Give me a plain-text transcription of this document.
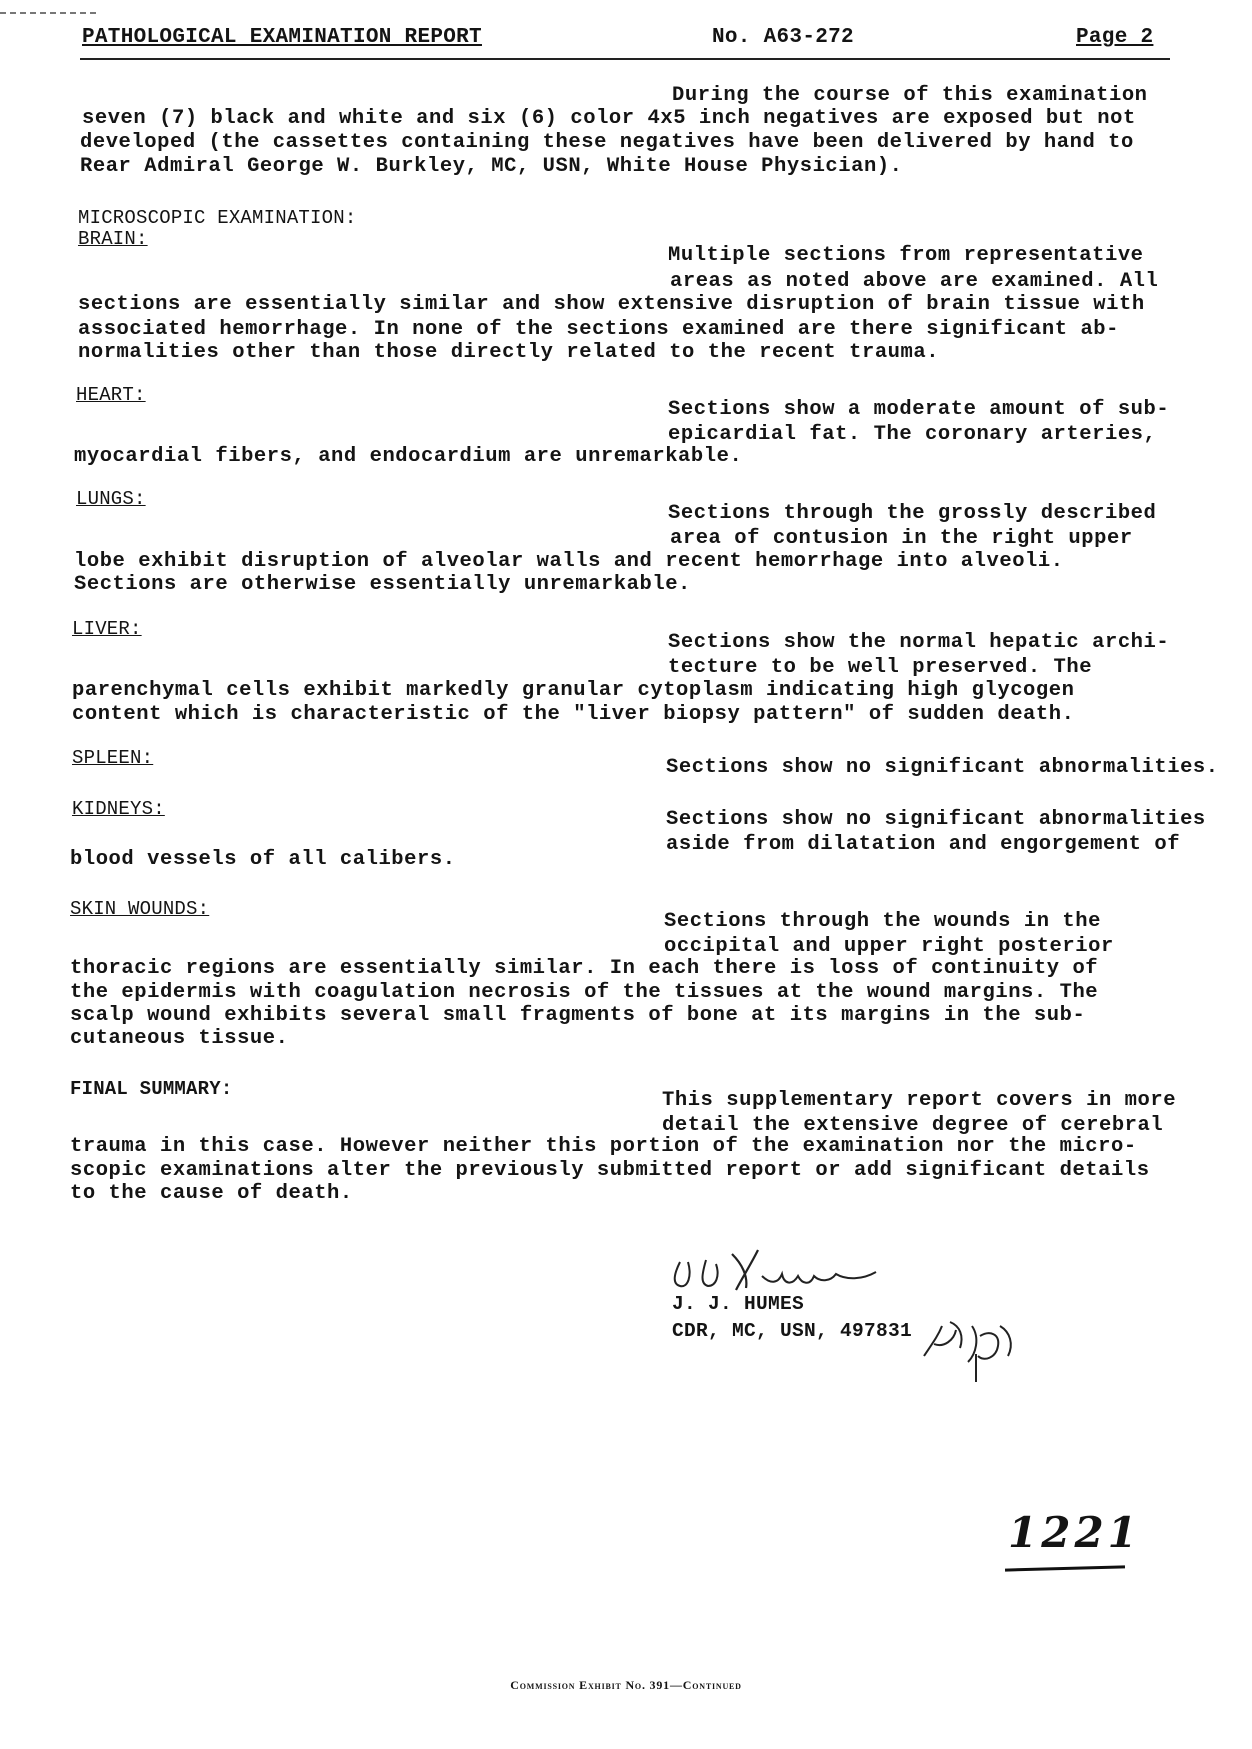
PATHOLOGICAL EXAMINATION REPORT	No. A63-272	Page 2

During the course of this examination

seven (7) black and white and six (6) color 4x5 inch negatives are exposed but not

developed (the cassettes containing these negatives have been delivered by hand to

Rear Admiral George W. Burkley, MC, USN, White House Physician).

MICROSCOPIC EXAMINATION:
BRAIN:

Multiple sections from representative

areas as noted above are examined. All

sections are essentially similar and show extensive disruption of brain tissue with

associated hemorrhage. In none of the sections examined are there significant ab-

normalities other than those directly related to the recent trauma.

HEART:

Sections show a moderate amount of sub-

epicardial fat. The coronary arteries,

myocardial fibers, and endocardium are unremarkable.

LUNGS:

Sections through the grossly described

area of contusion in the right upper

lobe exhibit disruption of alveolar walls and recent hemorrhage into alveoli.

Sections are otherwise essentially unremarkable.

LIVER:

Sections show the normal hepatic archi-

tecture to be well preserved. The

parenchymal cells exhibit markedly granular cytoplasm indicating high glycogen

content which is characteristic of the "liver biopsy pattern" of sudden death.

SPLEEN:	Sections show no significant abnormalities.

KIDNEYS:	Sections show no significant abnormalities

aside from dilatation and engorgement of

blood vessels of all calibers.

SKIN WOUNDS:

Sections through the wounds in the

occipital and upper right posterior

thoracic regions are essentially similar. In each there is loss of continuity of

the epidermis with coagulation necrosis of the tissues at the wound margins. The

scalp wound exhibits several small fragments of bone at its margins in the sub-

cutaneous tissue.

FINAL SUMMARY:	This supplementary report covers in more

detail the extensive degree of cerebral

trauma in this case. However neither this portion of the examination nor the micro-

scopic examinations alter the previously submitted report or add significant details

to the cause of death.

J. J. HUMES
CDR, MC, USN, 497831
1221
Commission Exhibit No. 391—Continued
